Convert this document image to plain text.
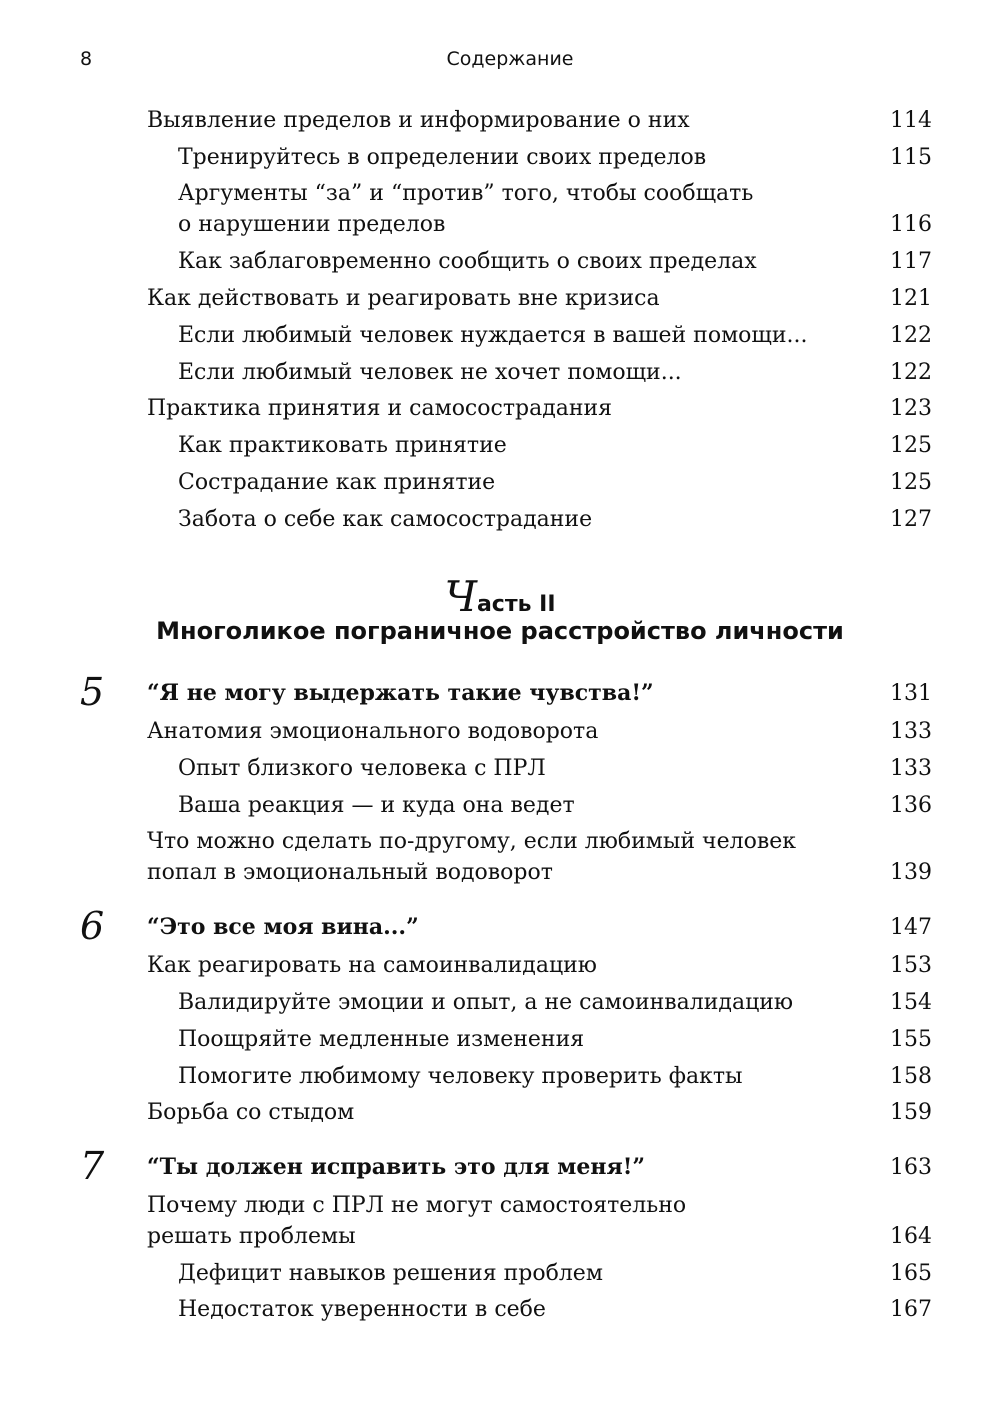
8	Содержание
Выявление пределов и информирование о них	114
Тренируйтесь в определении своих пределов	115
Аргументы “за” и “против” того, чтобы сообщать
о нарушении пределов	116
Как заблаговременно сообщить о своих пределах	117
Как действовать и реагировать вне кризиса	121
Если любимый человек нуждается в вашей помощи...	122
Если любимый человек не хочет помощи...	122
Практика принятия и самосострадания	123
Как практиковать принятие	125
Сострадание как принятие	125
Забота о себе как самосострадание	127
Часть II
Многоликое пограничное расстройство личности
5 “Я не могу выдержать такие чувства!”	131
Анатомия эмоционального водоворота	133
Опыт близкого человека с ПРЛ	133
Ваша реакция — и куда она ведет	136
Что можно сделать по-другому, если любимый человек
попал в эмоциональный водоворот	139
6 “Это все моя вина...”	147
Как реагировать на самоинвалидацию	153
Валидируйте эмоции и опыт, а не самоинвалидацию	154
Поощряйте медленные изменения	155
Помогите любимому человеку проверить факты	158
Борьба со стыдом	159
7 “Ты должен исправить это для меня!”	163
Почему люди с ПРЛ не могут самостоятельно
решать проблемы	164
Дефицит навыков решения проблем	165
Недостаток уверенности в себе	167
